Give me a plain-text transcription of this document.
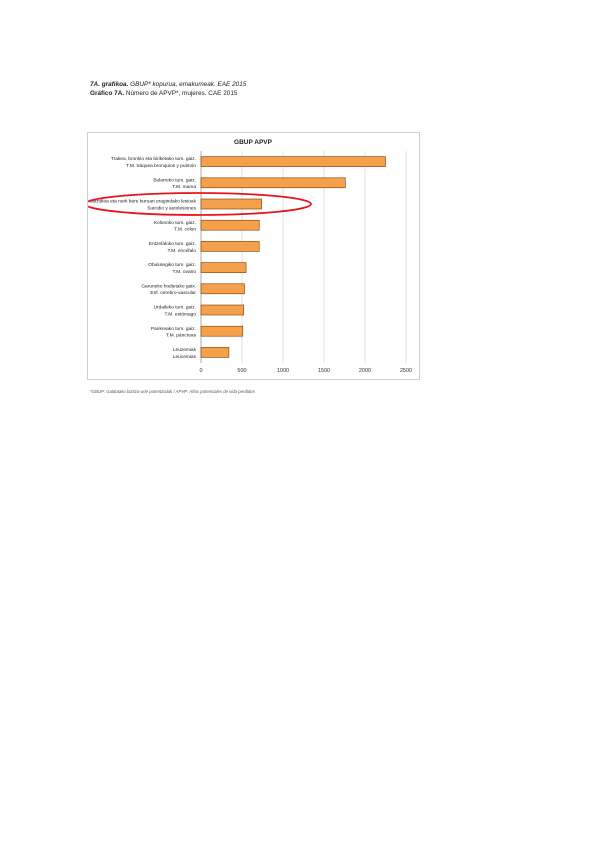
7A. grafikoa. GBUP* kopurua, emakumeak. EAE 2015
Gráfico 7A. Número de APVP*, mujeres. CAE 2015
GBUP APVP
Trakea, bronkio eta biriketako tum. gaiz.
T.M. tráquea bronquios y pulmón
Bularreko tum. gaiz.
T.M. mama
Suizidioa eta nork bere buruari eragindako lesioak
Suicidio y autolesiones
Kolonoko tum. gaiz.
T.M. colon
Entzefaloko tum. gaiz.
T.M. encéfalo
Obulutegiko tum. gaiz.
T.M. ovario
Garuneko hodietako gaix.
Enf. cerebro-vascular
Urdaileko tum. gaiz.
T.M. estómago
Pankreako tum. gaiz.
T.M. páncreas
Leuzemiak
Leucemias
0	500	1000	1500	2000	2500
*GBUP: Galdutako bizitza-urte potentzialak / APVP: Años potenciales de vida perdidos
